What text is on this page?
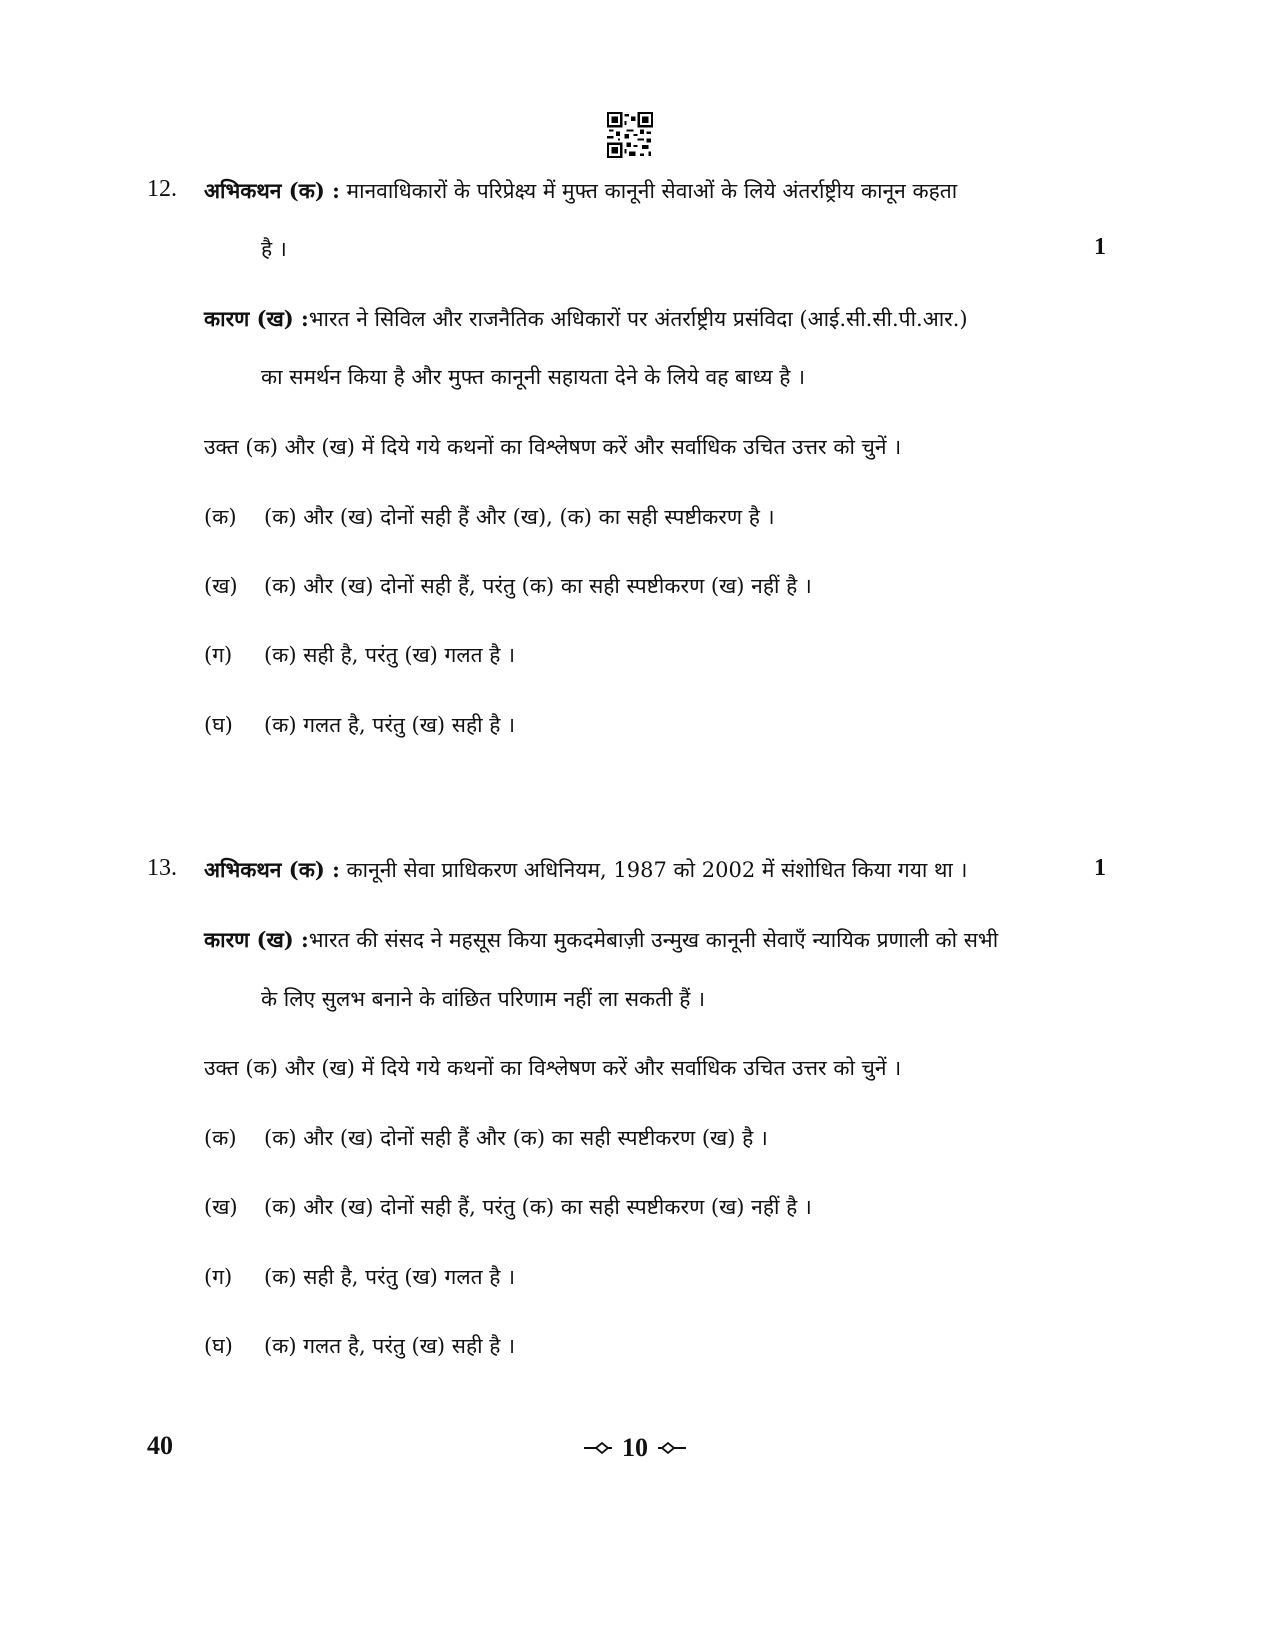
12. अभिकथन (क) : मानवाधिकारों के परिप्रेक्ष्य में मुफ्त कानूनी सेवाओं के लिये अंतर्राष्ट्रीय कानून कहता
है ।	1
कारण (ख) :भारत ने सिविल और राजनैतिक अधिकारों पर अंतर्राष्ट्रीय प्रसंविदा (आई.सी.सी.पी.आर.)
का समर्थन किया है और मुफ्त कानूनी सहायता देने के लिये वह बाध्य है ।
उक्त (क) और (ख) में दिये गये कथनों का विश्लेषण करें और सर्वाधिक उचित उत्तर को चुनें ।
(क) (क) और (ख) दोनों सही हैं और (ख), (क) का सही स्पष्टीकरण है ।
(ख) (क) और (ख) दोनों सही हैं, परंतु (क) का सही स्पष्टीकरण (ख) नहीं है ।
(ग) (क) सही है, परंतु (ख) गलत है ।
(घ) (क) गलत है, परंतु (ख) सही है ।
13. अभिकथन (क) : कानूनी सेवा प्राधिकरण अधिनियम, 1987 को 2002 में संशोधित किया गया था ।	1
कारण (ख) :भारत की संसद ने महसूस किया मुकदमेबाज़ी उन्मुख कानूनी सेवाएँ न्यायिक प्रणाली को सभी
के लिए सुलभ बनाने के वांछित परिणाम नहीं ला सकती हैं ।
उक्त (क) और (ख) में दिये गये कथनों का विश्लेषण करें और सर्वाधिक उचित उत्तर को चुनें ।
(क) (क) और (ख) दोनों सही हैं और (क) का सही स्पष्टीकरण (ख) है ।
(ख) (क) और (ख) दोनों सही हैं, परंतु (क) का सही स्पष्टीकरण (ख) नहीं है ।
(ग) (क) सही है, परंतु (ख) गलत है ।
(घ) (क) गलत है, परंतु (ख) सही है ।
40	10
